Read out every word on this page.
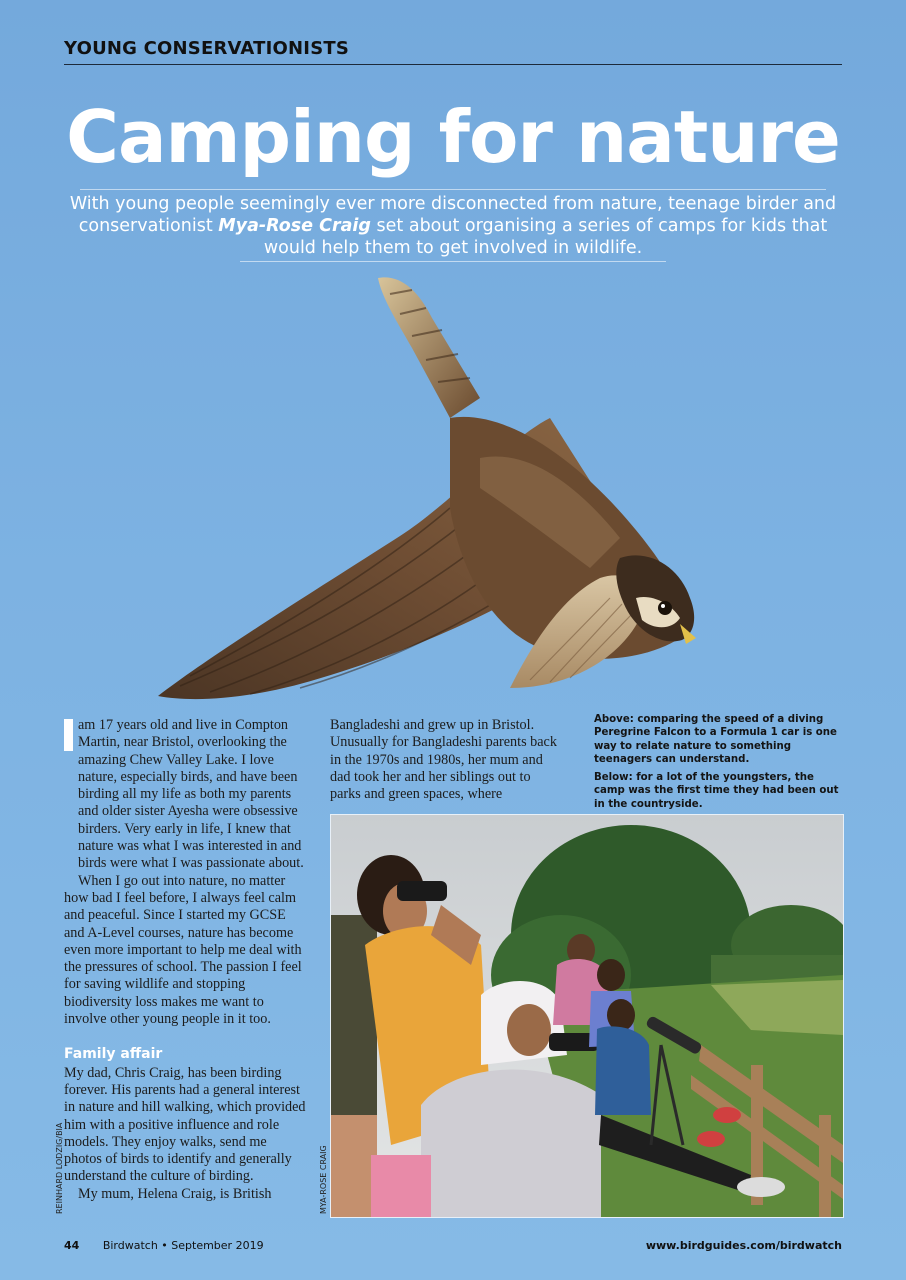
YOUNG CONSERVATIONISTS
Camping for nature
With young people seemingly ever more disconnected from nature, teenage birder and conservationist Mya-Rose Craig set about organising a series of camps for kids that would help them to get involved in wildlife.

am 17 years old and live in Compton Martin, near Bristol, overlooking the amazing Chew Valley Lake. I love nature, especially birds, and have been birding all my life as both my parents and older sister Ayesha were obsessive birders. Very early in life, I knew that nature was what I was interested in and birds were what I was passionate about.

When I go out into nature, no matter how bad I feel before, I always feel calm and peaceful. Since I started my GCSE and A-Level courses, nature has become even more important to help me deal with the pressures of school. The passion I feel for saving wildlife and stopping biodiversity loss makes me want to involve other young people in it too.

Family affair

My dad, Chris Craig, has been birding forever. His parents had a general interest in nature and hill walking, which provided him with a positive influence and role models. They enjoy walks, send me photos of birds to identify and generally understand the culture of birding.

My mum, Helena Craig, is British

Bangladeshi and grew up in Bristol. Unusually for Bangladeshi parents back in the 1970s and 1980s, her mum and dad took her and her siblings out to parks and green spaces, where

Above: comparing the speed of a diving Peregrine Falcon to a Formula 1 car is one way to relate nature to something teenagers can understand.

Below: for a lot of the youngsters, the camp was the first time they had been out in the countryside.

REINHARD LODZIG/BIA	MYA-ROSE CRAIG
44 Birdwatch • September 2019	www.birdguides.com/birdwatch
